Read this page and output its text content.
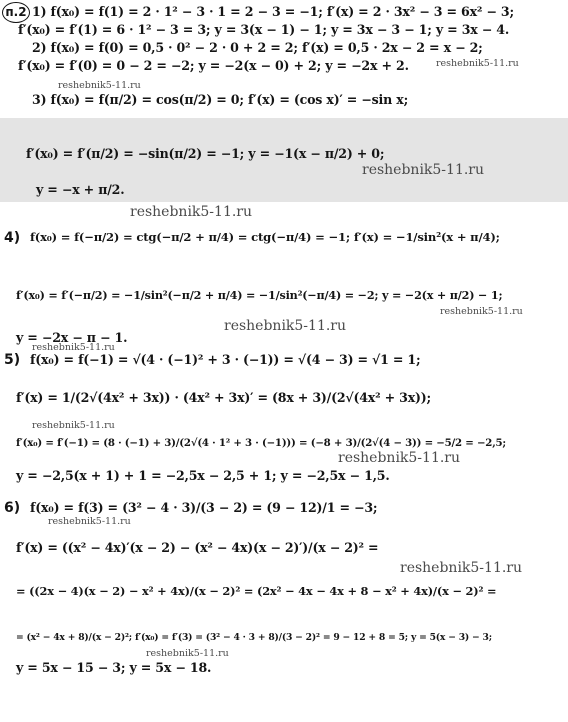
п.2 1) f(x₀) = f(1) = 2 · 1² − 3 · 1 = 2 − 3 = −1; f′(x) = 2 · 3x² − 3 = 6x² − 3;
f′(x₀) = f′(1) = 6 · 1² − 3 = 3; y = 3(x − 1) − 1; y = 3x − 3 − 1; y = 3x − 4.
2) f(x₀) = f(0) = 0,5 · 0² − 2 · 0 + 2 = 2; f′(x) = 0,5 · 2x − 2 = x − 2;
f′(x₀) = f′(0) = 0 − 2 = −2; y = −2(x − 0) + 2; y = −2x + 2.
3) f(x₀) = f(π/2) = cos(π/2) = 0; f′(x) = (cos x)′ = −sin x;
f′(x₀) = f′(π/2) = −sin(π/2) = −1; y = −1(x − π/2) + 0;
y = −x + π/2.
4) f(x₀) = f(−π/2) = ctg(−π/2 + π/4) = ctg(−π/4) = −1; f′(x) = −1/sin²(x + π/4);
f′(x₀) = f′(−π/2) = −1/sin²(−π/2 + π/4) = −1/sin²(−π/4) = −2; y = −2(x + π/2) − 1;
y = −2x − π − 1.
5) f(x₀) = f(−1) = √(4 · (−1)² + 3 · (−1)) = √(4 − 3) = √1 = 1;
f′(x) = 1/(2√(4x² + 3x)) · (4x² + 3x)′ = (8x + 3)/(2√(4x² + 3x));
f′(x₀) = f′(−1) = (8 · (−1) + 3)/(2√(4 · 1² + 3 · (−1))) = (−8 + 3)/(2√(4 − 3)) = −5/2 = −2,5;
y = −2,5(x + 1) + 1 = −2,5x − 2,5 + 1; y = −2,5x − 1,5.
6) f(x₀) = f(3) = (3² − 4 · 3)/(3 − 2) = (9 − 12)/1 = −3;
f′(x) = ((x² − 4x)′(x − 2) − (x² − 4x)(x − 2)′)/(x − 2)² =
= ((2x − 4)(x − 2) − x² + 4x)/(x − 2)² = (2x² − 4x − 4x + 8 − x² + 4x)/(x − 2)² =
= (x² − 4x + 8)/(x − 2)²; f′(x₀) = f′(3) = (3² − 4 · 3 + 8)/(3 − 2)² = 9 − 12 + 8 = 5; y = 5(x − 3) − 3;
y = 5x − 15 − 3; y = 5x − 18.
reshebnik5-11.ru
reshebnik5-11.ru
reshebnik5-11.ru
reshebnik5-11.ru
reshebnik5-11.ru
reshebnik5-11.ru
reshebnik5-11.ru
reshebnik5-11.ru
reshebnik5-11.ru
reshebnik5-11.ru
reshebnik5-11.ru
reshebnik5-11.ru
